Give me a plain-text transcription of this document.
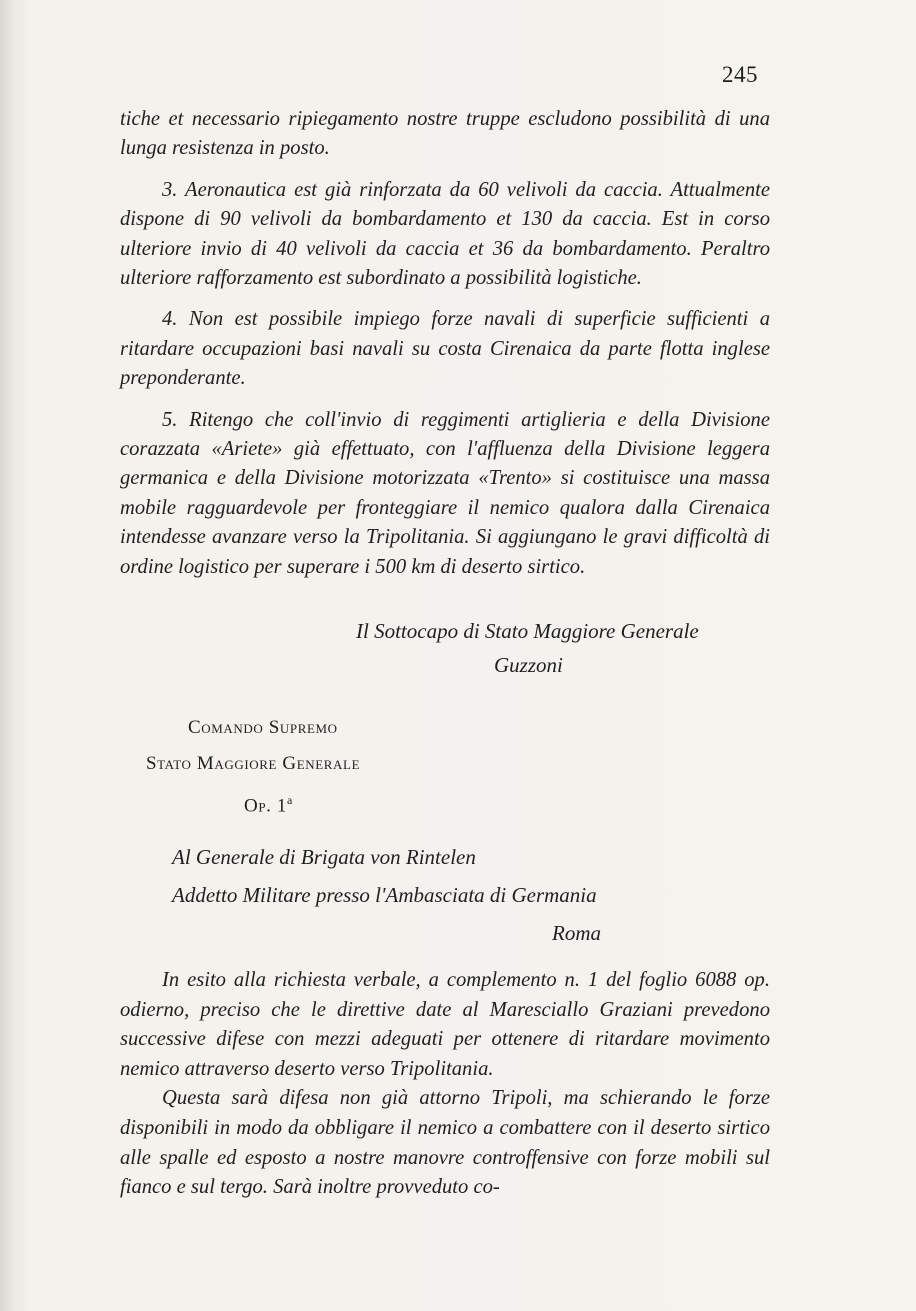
245

tiche et necessario ripiegamento nostre truppe escludono possibilità di una lunga resistenza in posto.

3. Aeronautica est già rinforzata da 60 velivoli da caccia. Attualmente dispone di 90 velivoli da bombardamento et 130 da caccia. Est in corso ulteriore invio di 40 velivoli da caccia et 36 da bombardamento. Peraltro ulteriore rafforzamento est subordinato a possibilità logistiche.

4. Non est possibile impiego forze navali di superficie sufficienti a ritardare occupazioni basi navali su costa Cirenaica da parte flotta inglese preponderante.

5. Ritengo che coll'invio di reggimenti artiglieria e della Divisione corazzata «Ariete» già effettuato, con l'affluenza della Divisione leggera germanica e della Divisione motorizzata «Trento» si costituisce una massa mobile ragguardevole per fronteggiare il nemico qualora dalla Cirenaica intendesse avanzare verso la Tripolitania. Si aggiungano le gravi difficoltà di ordine logistico per superare i 500 km di deserto sirtico.

Il Sottocapo di Stato Maggiore Generale
Guzzoni
Comando Supremo
Stato Maggiore Generale
Op. 1$^a$
Al Generale di Brigata von Rintelen
Addetto Militare presso l'Ambasciata di Germania
Roma

In esito alla richiesta verbale, a complemento n. 1 del foglio 6088 op. odierno, preciso che le direttive date al Maresciallo Graziani prevedono successive difese con mezzi adeguati per ottenere di ritardare movimento nemico attraverso deserto verso Tripolitania.

Questa sarà difesa non già attorno Tripoli, ma schierando le forze disponibili in modo da obbligare il nemico a combattere con il deserto sirtico alle spalle ed esposto a nostre manovre controffensive con forze mobili sul fianco e sul tergo. Sarà inoltre provveduto co-
